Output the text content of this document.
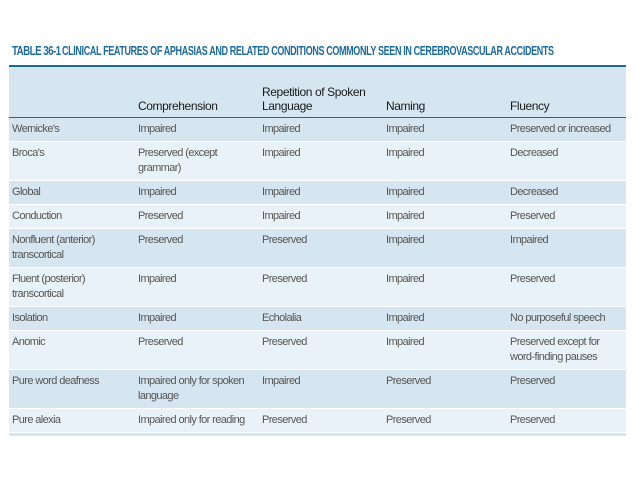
TABLE 36-1 CLINICAL FEATURES OF APHASIAS AND RELATED CONDITIONS COMMONLY SEEN IN CEREBROVASCULAR ACCIDENTS
	Comprehension	Repetition of Spoken Language	Naming	Fluency
Wernicke's	Impaired	Impaired	Impaired	Preserved or increased
Broca's	Preserved (except grammar)	Impaired	Impaired	Decreased
Global	Impaired	Impaired	Impaired	Decreased
Conduction	Preserved	Impaired	Impaired	Preserved
Nonfluent (anterior) transcortical	Preserved	Preserved	Impaired	Impaired
Fluent (posterior) transcortical	Impaired	Preserved	Impaired	Preserved
Isolation	Impaired	Echolalia	Impaired	No purposeful speech
Anomic	Preserved	Preserved	Impaired	Preserved except for word-finding pauses
Pure word deafness	Impaired only for spoken language	Impaired	Preserved	Preserved
Pure alexia	Impaired only for reading	Preserved	Preserved	Preserved
